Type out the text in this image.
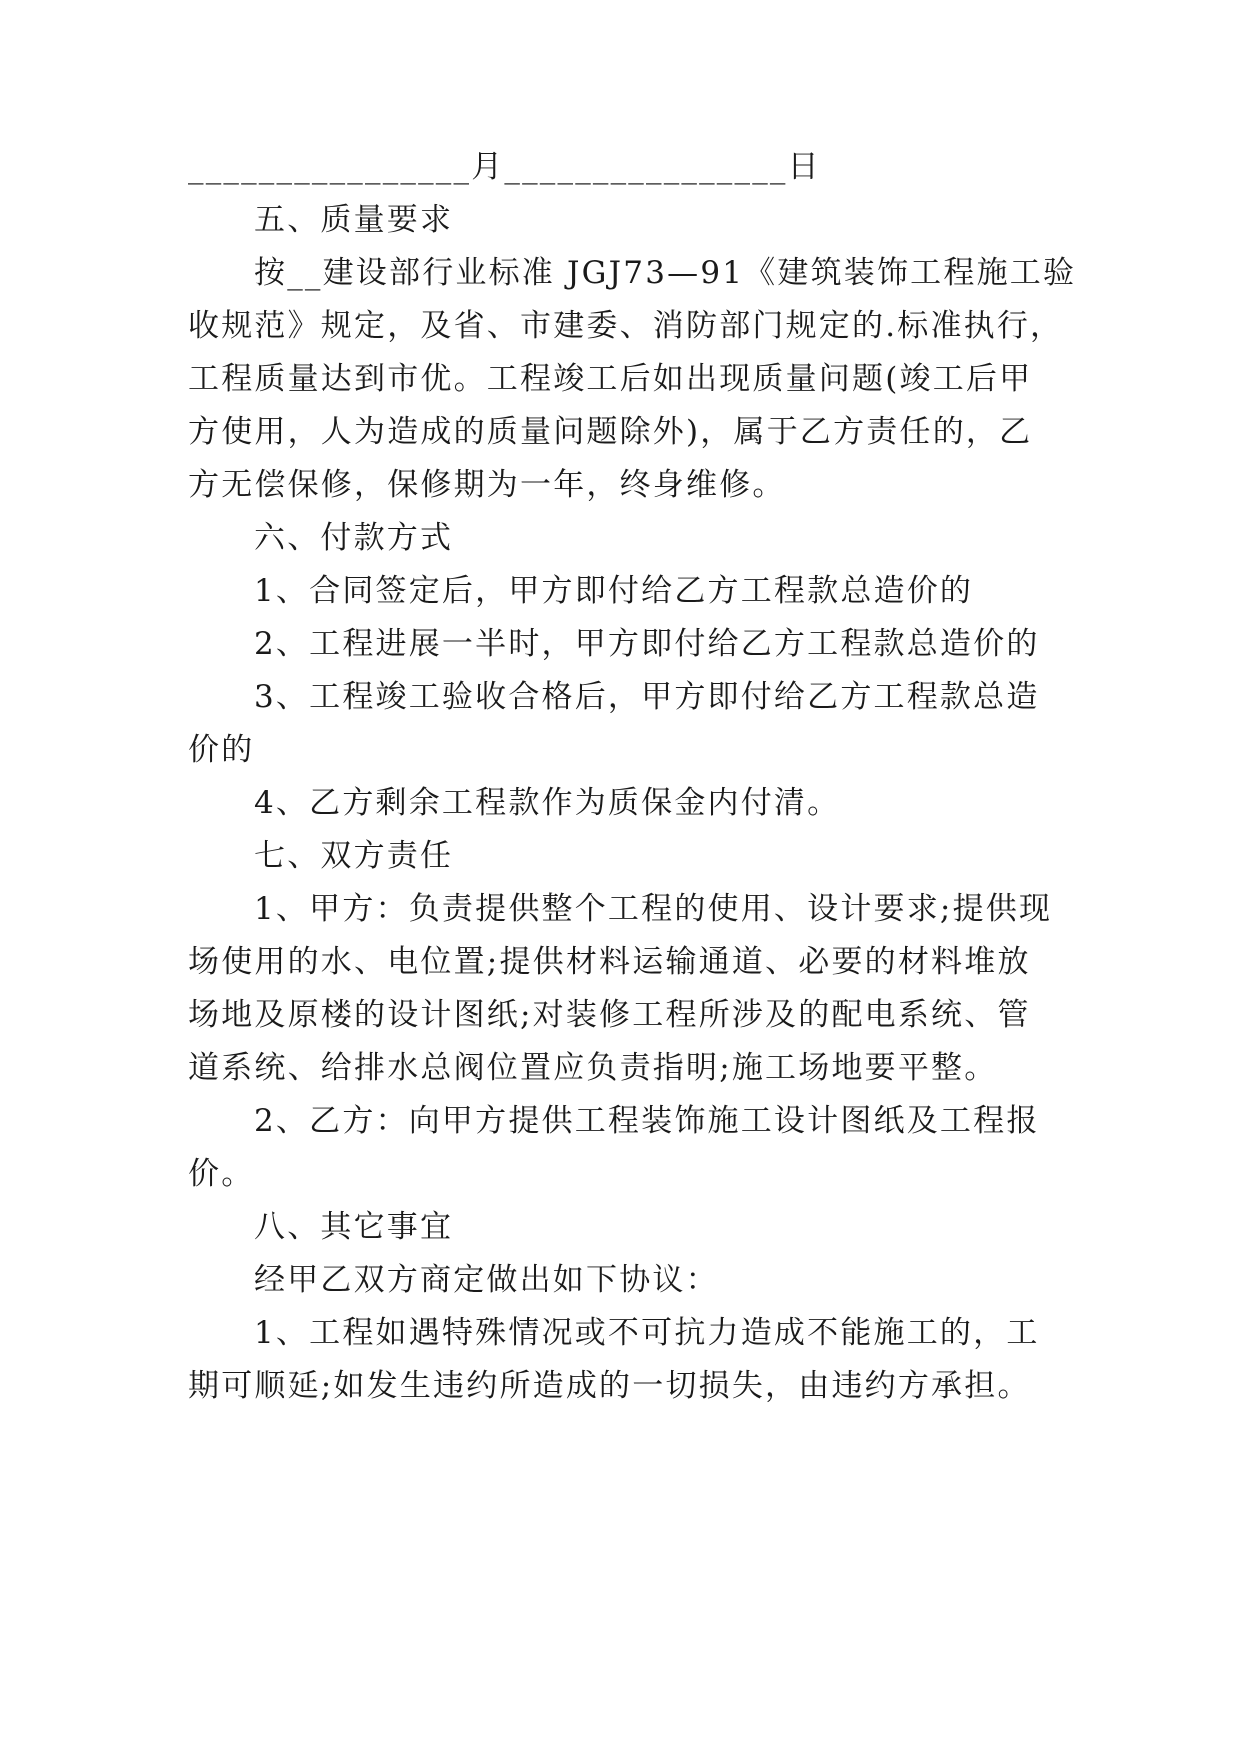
________________月________________日
五、质量要求
按__建设部行业标准 JGJ73—91《建筑装饰工程施工验
收规范》规定，及省、市建委、消防部门规定的.标准执行，
工程质量达到市优。工程竣工后如出现质量问题(竣工后甲
方使用，人为造成的质量问题除外)，属于乙方责任的，乙
方无偿保修，保修期为一年，终身维修。
六、付款方式
1、合同签定后，甲方即付给乙方工程款总造价的
2、工程进展一半时，甲方即付给乙方工程款总造价的
3、工程竣工验收合格后，甲方即付给乙方工程款总造
价的
4、乙方剩余工程款作为质保金内付清。
七、双方责任
1、甲方：负责提供整个工程的使用、设计要求;提供现
场使用的水、电位置;提供材料运输通道、必要的材料堆放
场地及原楼的设计图纸;对装修工程所涉及的配电系统、管
道系统、给排水总阀位置应负责指明;施工场地要平整。
2、乙方：向甲方提供工程装饰施工设计图纸及工程报
价。
八、其它事宜
经甲乙双方商定做出如下协议：
1、工程如遇特殊情况或不可抗力造成不能施工的，工
期可顺延;如发生违约所造成的一切损失，由违约方承担。
